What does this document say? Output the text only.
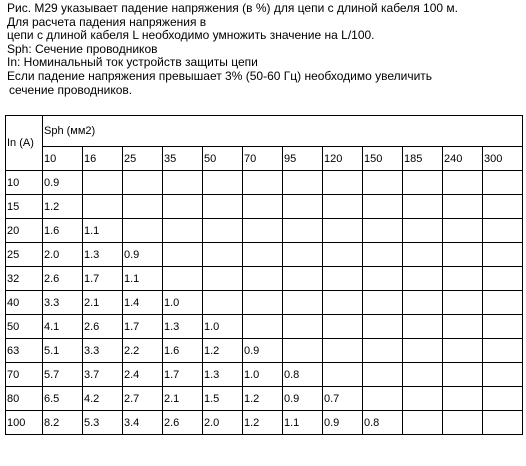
Рис. M29 указывает падение напряжения (в %) для цепи с длиной кабеля 100 м.
Для расчета падения напряжения в
цепи с длиной кабеля L необходимо умножить значение на L/100.
Sph: Сечение проводников
In: Номинальный ток устройств защиты цепи
Если падение напряжения превышает 3% (50-60 Гц) необходимо увеличить
сечение проводников.
In (A)	Sph (мм2)											
	10	16	25	35	50	70	95	120	150	185	240	300
10	0.9											
15	1.2											
20	1.6	1.1										
25	2.0	1.3	0.9									
32	2.6	1.7	1.1									
40	3.3	2.1	1.4	1.0								
50	4.1	2.6	1.7	1.3	1.0							
63	5.1	3.3	2.2	1.6	1.2	0.9						
70	5.7	3.7	2.4	1.7	1.3	1.0	0.8					
80	6.5	4.2	2.7	2.1	1.5	1.2	0.9	0.7				
100	8.2	5.3	3.4	2.6	2.0	1.2	1.1	0.9	0.8			
